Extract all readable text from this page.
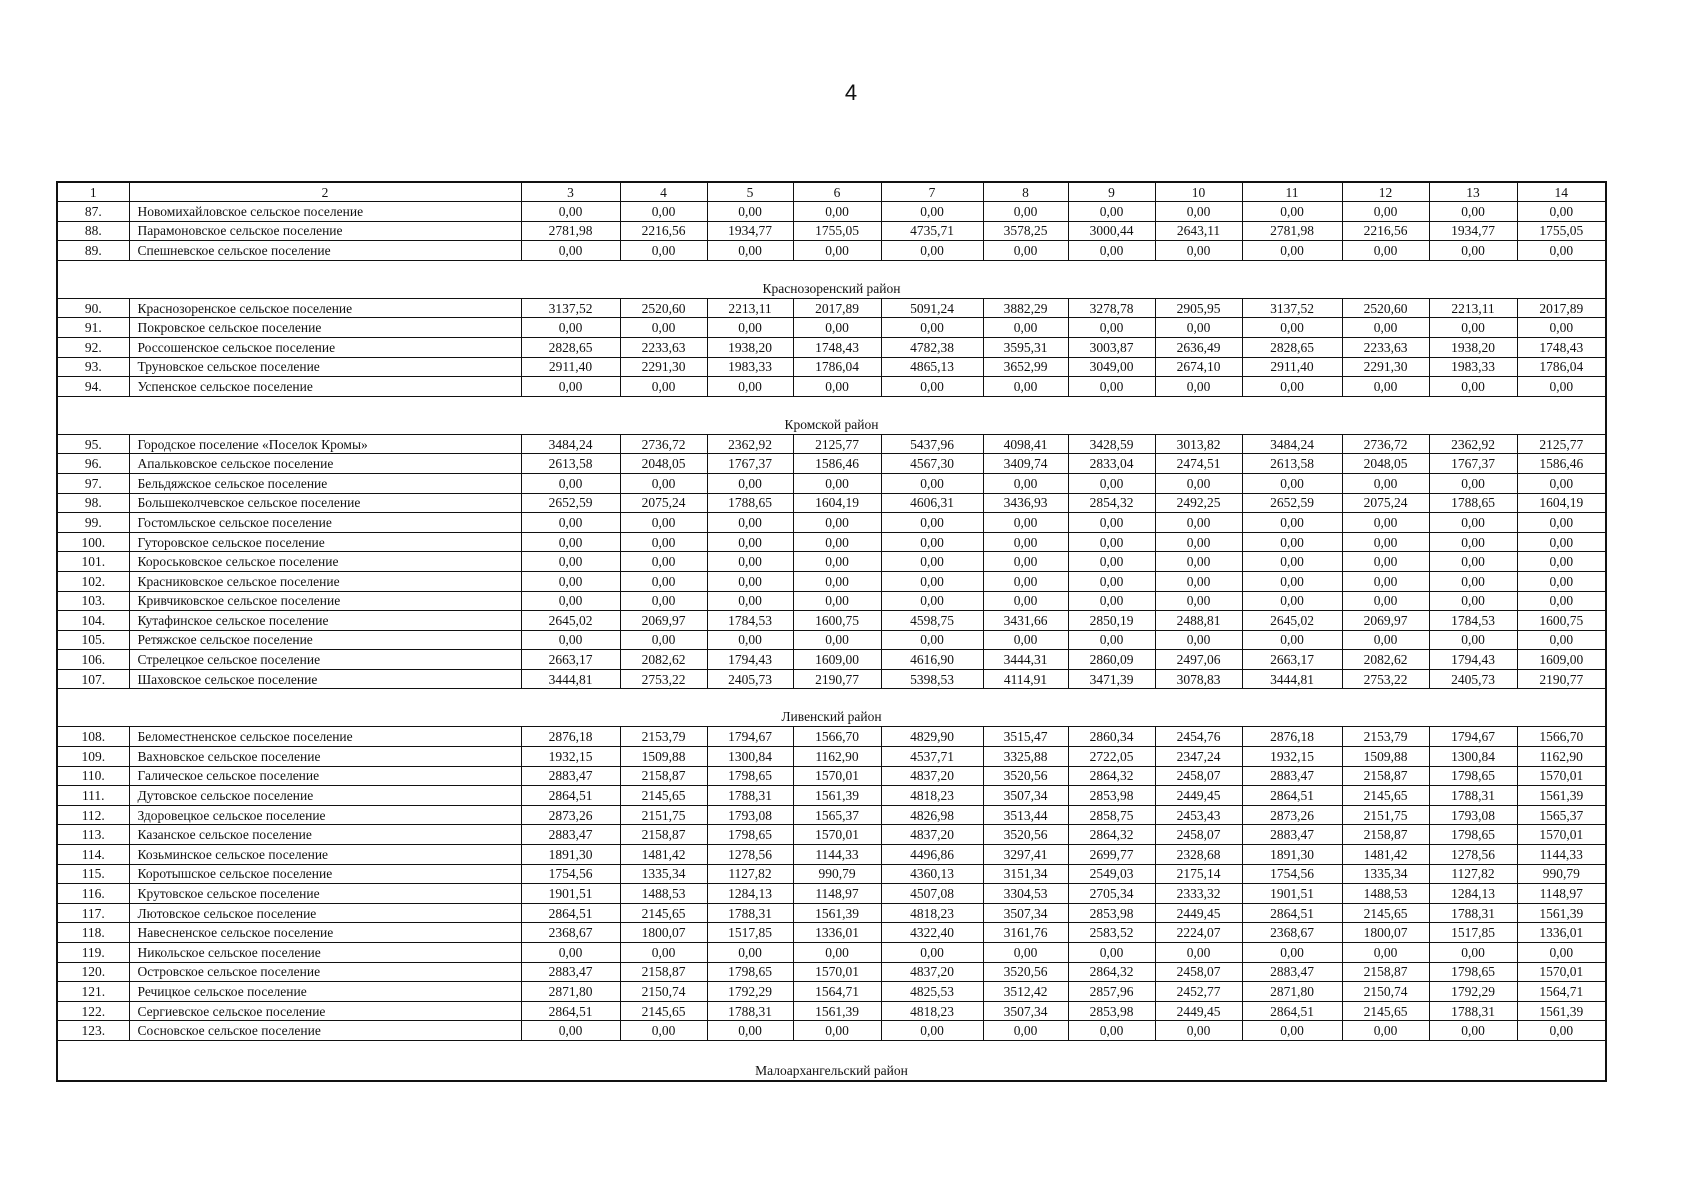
4
1	2	3	4	5	6	7	8	9	10	11	12	13	14
87.	Новомихайловское сельское поселение	0,00	0,00	0,00	0,00	0,00	0,00	0,00	0,00	0,00	0,00	0,00	0,00
88.	Парамоновское сельское поселение	2781,98	2216,56	1934,77	1755,05	4735,71	3578,25	3000,44	2643,11	2781,98	2216,56	1934,77	1755,05
89.	Спешневское сельское поселение	0,00	0,00	0,00	0,00	0,00	0,00	0,00	0,00	0,00	0,00	0,00	0,00
Краснозоренский район													
90.	Краснозоренское сельское поселение	3137,52	2520,60	2213,11	2017,89	5091,24	3882,29	3278,78	2905,95	3137,52	2520,60	2213,11	2017,89
91.	Покровское сельское поселение	0,00	0,00	0,00	0,00	0,00	0,00	0,00	0,00	0,00	0,00	0,00	0,00
92.	Россошенское сельское поселение	2828,65	2233,63	1938,20	1748,43	4782,38	3595,31	3003,87	2636,49	2828,65	2233,63	1938,20	1748,43
93.	Труновское сельское поселение	2911,40	2291,30	1983,33	1786,04	4865,13	3652,99	3049,00	2674,10	2911,40	2291,30	1983,33	1786,04
94.	Успенское сельское поселение	0,00	0,00	0,00	0,00	0,00	0,00	0,00	0,00	0,00	0,00	0,00	0,00
Кромской район													
95.	Городское поселение «Поселок Кромы»	3484,24	2736,72	2362,92	2125,77	5437,96	4098,41	3428,59	3013,82	3484,24	2736,72	2362,92	2125,77
96.	Апальковское сельское поселение	2613,58	2048,05	1767,37	1586,46	4567,30	3409,74	2833,04	2474,51	2613,58	2048,05	1767,37	1586,46
97.	Бельдяжское сельское поселение	0,00	0,00	0,00	0,00	0,00	0,00	0,00	0,00	0,00	0,00	0,00	0,00
98.	Большеколчевское сельское поселение	2652,59	2075,24	1788,65	1604,19	4606,31	3436,93	2854,32	2492,25	2652,59	2075,24	1788,65	1604,19
99.	Гостомльское сельское поселение	0,00	0,00	0,00	0,00	0,00	0,00	0,00	0,00	0,00	0,00	0,00	0,00
100.	Гуторовское сельское поселение	0,00	0,00	0,00	0,00	0,00	0,00	0,00	0,00	0,00	0,00	0,00	0,00
101.	Короськовское сельское поселение	0,00	0,00	0,00	0,00	0,00	0,00	0,00	0,00	0,00	0,00	0,00	0,00
102.	Красниковское сельское поселение	0,00	0,00	0,00	0,00	0,00	0,00	0,00	0,00	0,00	0,00	0,00	0,00
103.	Кривчиковское сельское поселение	0,00	0,00	0,00	0,00	0,00	0,00	0,00	0,00	0,00	0,00	0,00	0,00
104.	Кутафинское сельское поселение	2645,02	2069,97	1784,53	1600,75	4598,75	3431,66	2850,19	2488,81	2645,02	2069,97	1784,53	1600,75
105.	Ретяжское сельское поселение	0,00	0,00	0,00	0,00	0,00	0,00	0,00	0,00	0,00	0,00	0,00	0,00
106.	Стрелецкое сельское поселение	2663,17	2082,62	1794,43	1609,00	4616,90	3444,31	2860,09	2497,06	2663,17	2082,62	1794,43	1609,00
107.	Шаховское сельское поселение	3444,81	2753,22	2405,73	2190,77	5398,53	4114,91	3471,39	3078,83	3444,81	2753,22	2405,73	2190,77
Ливенский район													
108.	Беломестненское сельское поселение	2876,18	2153,79	1794,67	1566,70	4829,90	3515,47	2860,34	2454,76	2876,18	2153,79	1794,67	1566,70
109.	Вахновское сельское поселение	1932,15	1509,88	1300,84	1162,90	4537,71	3325,88	2722,05	2347,24	1932,15	1509,88	1300,84	1162,90
110.	Галическое сельское поселение	2883,47	2158,87	1798,65	1570,01	4837,20	3520,56	2864,32	2458,07	2883,47	2158,87	1798,65	1570,01
111.	Дутовское сельское поселение	2864,51	2145,65	1788,31	1561,39	4818,23	3507,34	2853,98	2449,45	2864,51	2145,65	1788,31	1561,39
112.	Здоровецкое сельское поселение	2873,26	2151,75	1793,08	1565,37	4826,98	3513,44	2858,75	2453,43	2873,26	2151,75	1793,08	1565,37
113.	Казанское сельское поселение	2883,47	2158,87	1798,65	1570,01	4837,20	3520,56	2864,32	2458,07	2883,47	2158,87	1798,65	1570,01
114.	Козьминское сельское поселение	1891,30	1481,42	1278,56	1144,33	4496,86	3297,41	2699,77	2328,68	1891,30	1481,42	1278,56	1144,33
115.	Коротышское сельское поселение	1754,56	1335,34	1127,82	990,79	4360,13	3151,34	2549,03	2175,14	1754,56	1335,34	1127,82	990,79
116.	Крутовское сельское поселение	1901,51	1488,53	1284,13	1148,97	4507,08	3304,53	2705,34	2333,32	1901,51	1488,53	1284,13	1148,97
117.	Лютовское сельское поселение	2864,51	2145,65	1788,31	1561,39	4818,23	3507,34	2853,98	2449,45	2864,51	2145,65	1788,31	1561,39
118.	Навесненское сельское поселение	2368,67	1800,07	1517,85	1336,01	4322,40	3161,76	2583,52	2224,07	2368,67	1800,07	1517,85	1336,01
119.	Никольское сельское поселение	0,00	0,00	0,00	0,00	0,00	0,00	0,00	0,00	0,00	0,00	0,00	0,00
120.	Островское сельское поселение	2883,47	2158,87	1798,65	1570,01	4837,20	3520,56	2864,32	2458,07	2883,47	2158,87	1798,65	1570,01
121.	Речицкое сельское поселение	2871,80	2150,74	1792,29	1564,71	4825,53	3512,42	2857,96	2452,77	2871,80	2150,74	1792,29	1564,71
122.	Сергиевское сельское поселение	2864,51	2145,65	1788,31	1561,39	4818,23	3507,34	2853,98	2449,45	2864,51	2145,65	1788,31	1561,39
123.	Сосновское сельское поселение	0,00	0,00	0,00	0,00	0,00	0,00	0,00	0,00	0,00	0,00	0,00	0,00
Малоархангельский район													
